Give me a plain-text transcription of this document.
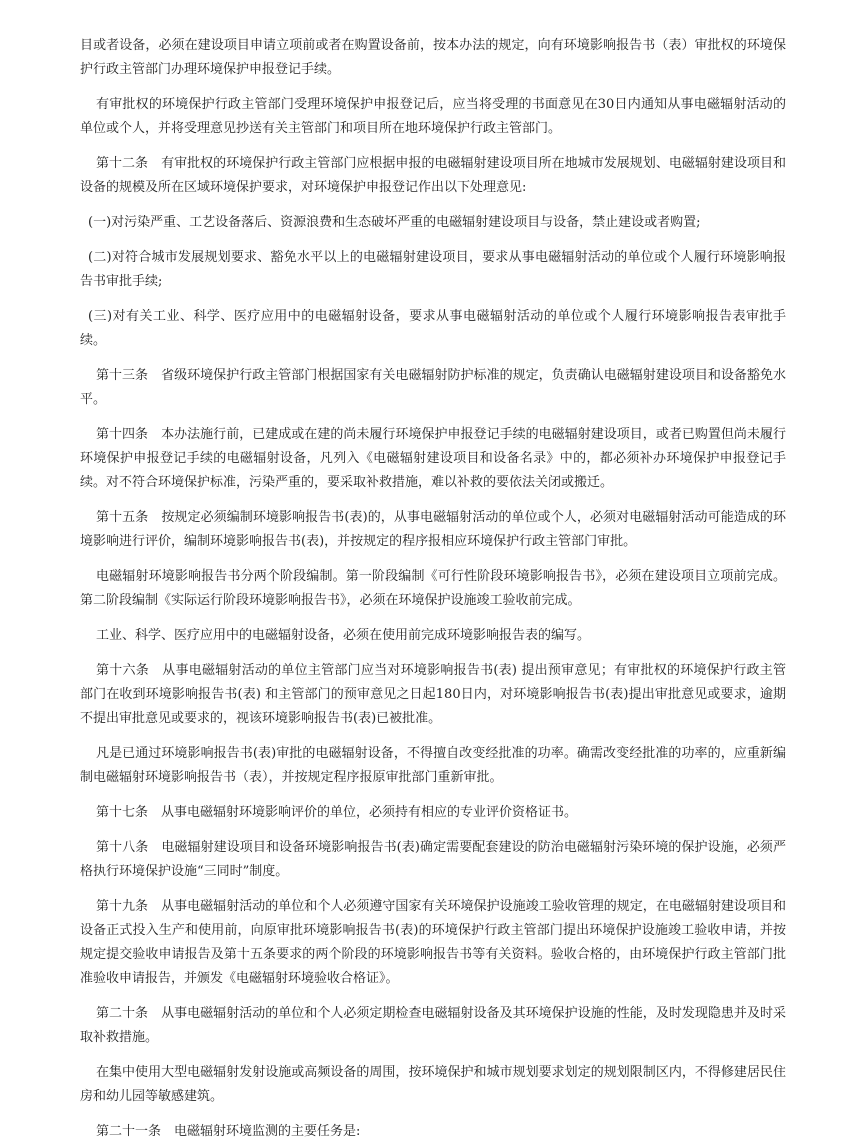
目或者设备，必须在建设项目申请立项前或者在购置设备前，按本办法的规定，向有环境影响报告书（表）审批权的环境保护行政主管部门办理环境保护申报登记手续。

有审批权的环境保护行政主管部门受理环境保护申报登记后，应当将受理的书面意见在30日内通知从事电磁辐射活动的单位或个人，并将受理意见抄送有关主管部门和项目所在地环境保护行政主管部门。

第十二条　有审批权的环境保护行政主管部门应根据申报的电磁辐射建设项目所在地城市发展规划、电磁辐射建设项目和设备的规模及所在区域环境保护要求，对环境保护申报登记作出以下处理意见:

(一)对污染严重、工艺设备落后、资源浪费和生态破坏严重的电磁辐射建设项目与设备，禁止建设或者购置;

(二)对符合城市发展规划要求、豁免水平以上的电磁辐射建设项目，要求从事电磁辐射活动的单位或个人履行环境影响报告书审批手续;

(三)对有关工业、科学、医疗应用中的电磁辐射设备，要求从事电磁辐射活动的单位或个人履行环境影响报告表审批手续。

第十三条　省级环境保护行政主管部门根据国家有关电磁辐射防护标准的规定，负责确认电磁辐射建设项目和设备豁免水平。

第十四条　本办法施行前，已建成或在建的尚未履行环境保护申报登记手续的电磁辐射建设项目，或者已购置但尚未履行环境保护申报登记手续的电磁辐射设备，凡列入《电磁辐射建设项目和设备名录》中的，都必须补办环境保护申报登记手续。对不符合环境保护标准，污染严重的，要采取补救措施，难以补救的要依法关闭或搬迁。

第十五条　按规定必须编制环境影响报告书(表)的，从事电磁辐射活动的单位或个人，必须对电磁辐射活动可能造成的环境影响进行评价，编制环境影响报告书(表)，并按规定的程序报相应环境保护行政主管部门审批。

电磁辐射环境影响报告书分两个阶段编制。第一阶段编制《可行性阶段环境影响报告书》，必须在建设项目立项前完成。第二阶段编制《实际运行阶段环境影响报告书》，必须在环境保护设施竣工验收前完成。

工业、科学、医疗应用中的电磁辐射设备，必须在使用前完成环境影响报告表的编写。

第十六条　从事电磁辐射活动的单位主管部门应当对环境影响报告书(表) 提出预审意见；有审批权的环境保护行政主管部门在收到环境影响报告书(表) 和主管部门的预审意见之日起180日内，对环境影响报告书(表)提出审批意见或要求，逾期不提出审批意见或要求的，视该环境影响报告书(表)已被批准。

凡是已通过环境影响报告书(表)审批的电磁辐射设备，不得擅自改变经批准的功率。确需改变经批准的功率的，应重新编制电磁辐射环境影响报告书（表），并按规定程序报原审批部门重新审批。

第十七条　从事电磁辐射环境影响评价的单位，必须持有相应的专业评价资格证书。

第十八条　电磁辐射建设项目和设备环境影响报告书(表)确定需要配套建设的防治电磁辐射污染环境的保护设施，必须严格执行环境保护设施“三同时”制度。

第十九条　从事电磁辐射活动的单位和个人必须遵守国家有关环境保护设施竣工验收管理的规定，在电磁辐射建设项目和设备正式投入生产和使用前，向原审批环境影响报告书(表)的环境保护行政主管部门提出环境保护设施竣工验收申请，并按规定提交验收申请报告及第十五条要求的两个阶段的环境影响报告书等有关资料。验收合格的，由环境保护行政主管部门批准验收申请报告，并颁发《电磁辐射环境验收合格证》。

第二十条　从事电磁辐射活动的单位和个人必须定期检查电磁辐射设备及其环境保护设施的性能，及时发现隐患并及时采取补救措施。

在集中使用大型电磁辐射发射设施或高频设备的周围，按环境保护和城市规划要求划定的规划限制区内，不得修建居民住房和幼儿园等敏感建筑。

第二十一条　电磁辐射环境监测的主要任务是:
